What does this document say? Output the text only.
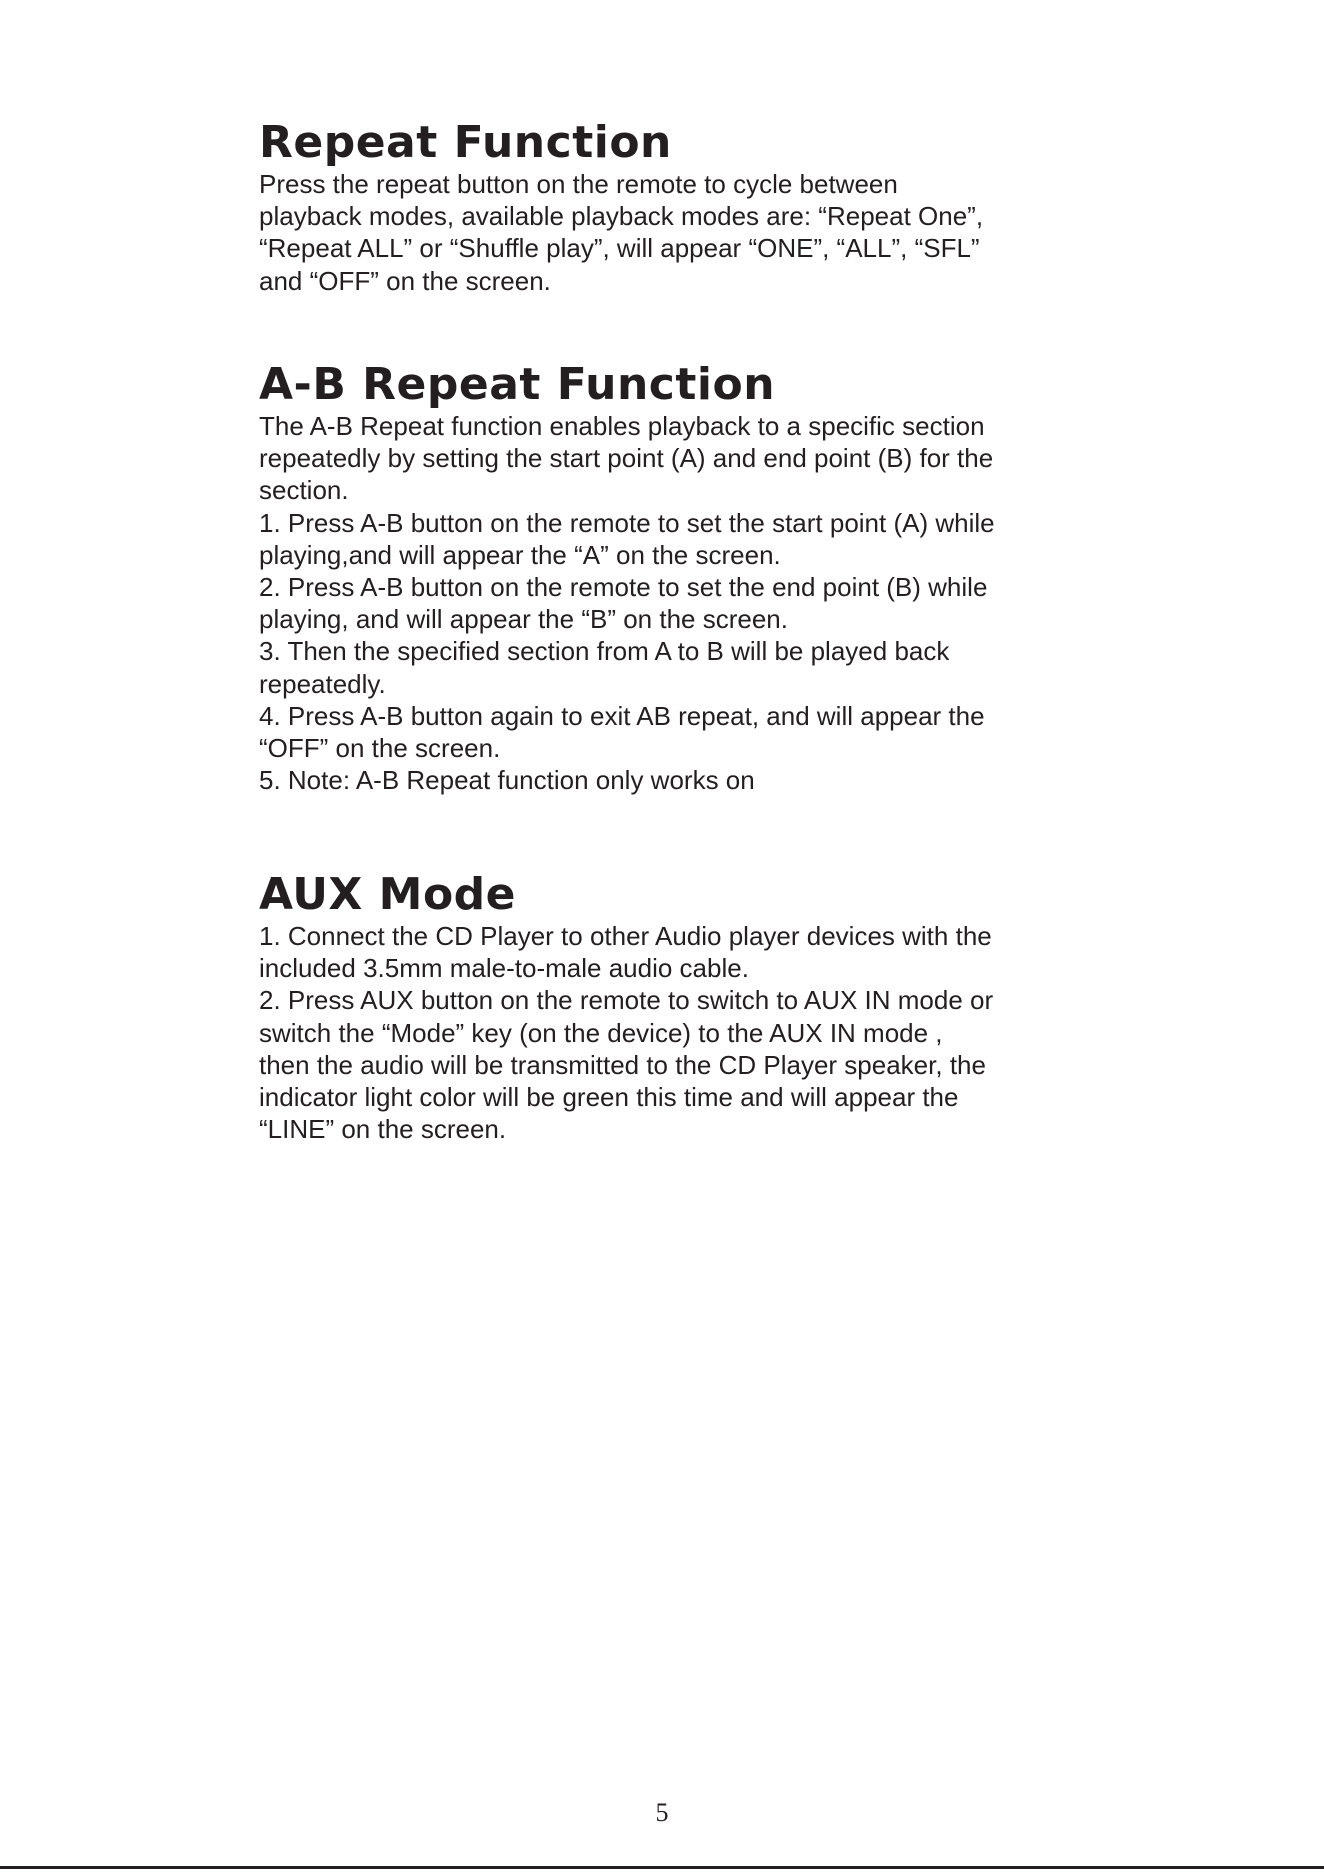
Repeat Function
Press the repeat button on the remote to cycle between
playback modes, available playback modes are: “Repeat One”,
“Repeat ALL” or “Shuffle play”, will appear “ONE”, “ALL”, “SFL”
and “OFF” on the screen.
A-B Repeat Function
The A-B Repeat function enables playback to a specific section
repeatedly by setting the start point (A) and end point (B) for the
section.
1. Press A-B button on the remote to set the start point (A) while
playing,and will appear the “A” on the screen.
2. Press A-B button on the remote to set the end point (B) while
playing, and will appear the “B” on the screen.
3. Then the specified section from A to B will be played back
repeatedly.
4. Press A-B button again to exit AB repeat, and will appear the
“OFF” on the screen.
5. Note: A-B Repeat function only works on
AUX Mode
1. Connect the CD Player to other Audio player devices with the
included 3.5mm male-to-male audio cable.
2. Press AUX button on the remote to switch to AUX IN mode or
switch the “Mode” key (on the device) to the AUX IN mode ,
then the audio will be transmitted to the CD Player speaker, the
indicator light color will be green this time and will appear the
“LINE” on the screen.
5
